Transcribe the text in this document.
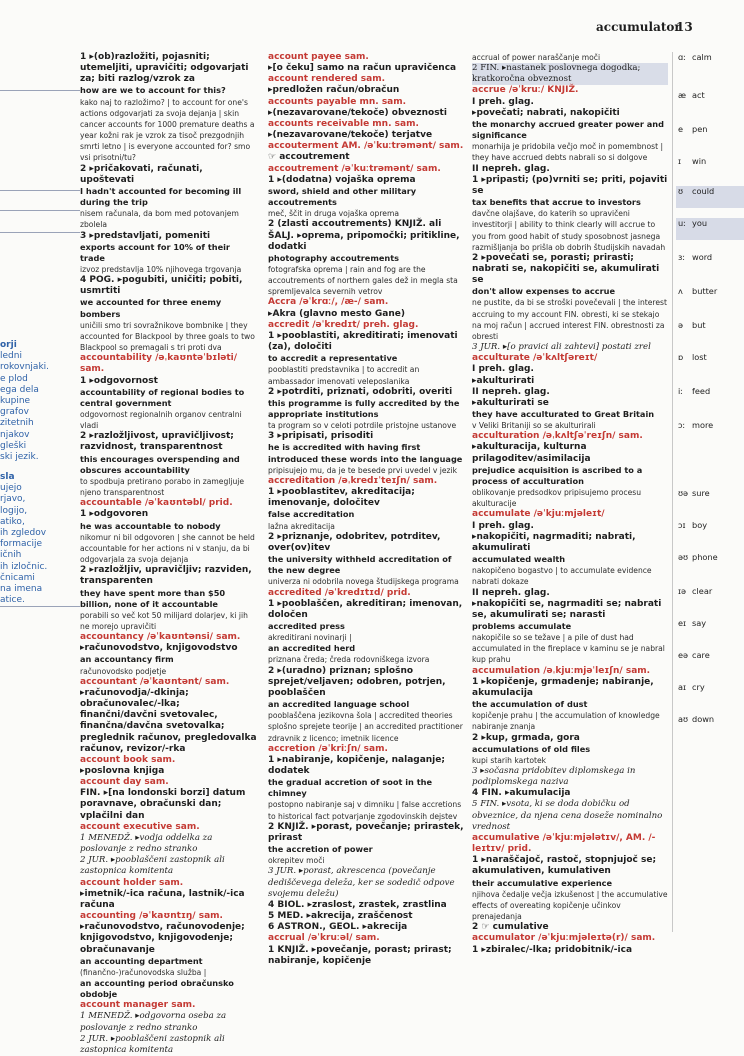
orji
ledni
rokovnjaki.
e plod
ega dela
kupine
grafov
zitetnih
njakov
gleški
ski jezik.
sla
ujejo
rjavo,
logijo,
atiko,
ih zgledov
formacije
ičnih
ih izločnic.
čnicami
na imena
atice.
accumulator
13

1 ▸(ob)razložiti, pojasniti; utemeljiti, upravičiti; odgovarjati za; biti razlog/vzrok za

how are we to account for this?

kako naj to razložimo? | to account for one's actions odgovarjati za svoja dejanja | skin cancer accounts for 1000 premature deaths a year kožni rak je vzrok za tisoč prezgodnjih smrti letno | is everyone accounted for? smo vsi prisotni/tu?

2 ▸pričakovati, računati, upoštevati

I hadn't accounted for becoming ill during the trip

nisem računala, da bom med potovanjem zbolela

3 ▸predstavljati, pomeniti

exports account for 10% of their trade

izvoz predstavlja 10% njihovega trgovanja

4 POG. ▸pogubiti, uničiti; pobiti, usmrtiti

we accounted for three enemy bombers

uničili smo tri sovražnikove bombnike | they accounted for Blackpool by three goals to two

Blackpool so premagali s tri proti dva

accountability /əˌkaʊntəˈbɪləti/ sam.

1 ▸odgovornost

accountability of regional bodies to central government

odgovornost regionalnih organov centralni vladi

2 ▸razložljivost, upravičljivost; razvidnost, transparentnost

this encourages overspending and obscures accountability

to spodbuja pretirano porabo in zamegljuje njeno transparentnost

accountable /əˈkaʊntəbl/ prid.

1 ▸odgovoren

he was accountable to nobody

nikomur ni bil odgovoren | she cannot be held accountable for her actions ni v stanju, da bi odgovarjala za svoja dejanja

2 ▸razložljiv, upravičljiv; razviden, transparenten

they have spent more than $50 billion, none of it accountable

porabili so več kot 50 milijard dolarjev, ki jih ne morejo upravičiti

accountancy /əˈkaʊntənsi/ sam.

▸računovodstvo, knjigovodstvo

an accountancy firm

računovodsko podjetje

accountant /əˈkaʊntənt/ sam.

▸računovodja/-dkinja; obračunovalec/-lka; finančni/davčni svetovalec, finančna/davčna svetovalka; preglednik računov, pregledovalka računov, revizor/-rka

account book sam.

▸poslovna knjiga

account day sam.

FIN. ▸[na londonski borzi] datum poravnave, obračunski dan; vplačilni dan

account executive sam.

1 MENEDŽ. ▸vodja oddelka za poslovanje z redno stranko

2 JUR. ▸pooblaščeni zastopnik ali zastopnica komitenta

account holder sam.

▸imetnik/-ica računa, lastnik/-ica računa

accounting /əˈkaʊntɪŋ/ sam.

▸računovodstvo, računovodenje; knjigovodstvo, knjigovodenje; obračunavanje

an accounting department

(finančno-)računovodska služba |

an accounting period obračunsko obdobje

account manager sam.

1 MENEDŽ. ▸odgovorna oseba za poslovanje z redno stranko

2 JUR. ▸pooblaščeni zastopnik ali zastopnica komitenta

account payee sam.

▸[o čeku] samo na račun upravičenca

account rendered sam.

▸predložen račun/obračun

accounts payable mn. sam.

▸(nezavarovane/tekoče) obveznosti

accounts receivable mn. sam.

▸(nezavarovane/tekoče) terjatve

accouterment AM. /əˈkuːtrəmənt/ sam.

☞ accoutrement

accoutrement /əˈkuːtrəmənt/ sam.

1 ▸(dodatna) vojaška oprema

sword, shield and other military accoutrements

meč, ščit in druga vojaška oprema

2 (zlasti accoutrements) KNJIŽ. ali ŠALJ. ▸oprema, pripomočki; pritikline, dodatki

photography accoutrements

fotografska oprema | rain and fog are the accoutrements of northern gales dež in megla sta spremljevalca severnih vetrov

Accra /əˈkrɑː/, /æ-/ sam.

▸Akra (glavno mesto Gane)

accredit /əˈkredɪt/ preh. glag.

1 ▸pooblastiti, akreditirati; imenovati (za), določiti

to accredit a representative

pooblastiti predstavnika | to accredit an ambassador imenovati veleposlanika

2 ▸potrditi, priznati, odobriti, overiti

this programme is fully accredited by the appropriate institutions

ta program so v celoti potrdile pristojne ustanove

3 ▸pripisati, prisoditi

he is accredited with having first introduced these words into the language

pripisujejo mu, da je te besede prvi uvedel v jezik

accreditation /əˌkredɪˈteɪʃn/ sam.

1 ▸pooblastitev, akreditacija; imenovanje, določitev

false accreditation

lažna akreditacija

2 ▸priznanje, odobritev, potrditev, over(ov)itev

the university withheld accreditation of the new degree

univerza ni odobrila novega študijskega programa

accredited /əˈkredɪtɪd/ prid.

1 ▸pooblaščen, akreditiran; imenovan, določen

accredited press

akreditirani novinarji |

an accredited herd

priznana čreda; čreda rodovniškega izvora

2 ▸(uradno) priznan; splošno sprejet/veljaven; odobren, potrjen, pooblaščen

an accredited language school

pooblaščena jezikovna šola | accredited theories splošno sprejete teorije | an accredited practitioner zdravnik z licenco; imetnik licence

accretion /əˈkriːʃn/ sam.

1 ▸nabiranje, kopičenje, nalaganje; dodatek

the gradual accretion of soot in the chimney

postopno nabiranje saj v dimniku | false accretions to historical fact potvarjanje zgodovinskih dejstev

2 KNJIŽ. ▸porast, povečanje; prirastek, prirast

the accretion of power

okrepitev moči

3 JUR. ▸porast, akrescenca (povečanje dediščevega deleža, ker se sodedič odpove svojemu deležu)

4 BIOL. ▸zraslost, zrastek, zrastlina

5 MED. ▸akrecija, zraščenost

6 ASTRON., GEOL. ▸akrecija

accrual /əˈkruːəl/ sam.

1 KNJIŽ. ▸povečanje, porast; prirast; nabiranje, kopičenje

accrual of power naraščanje moči

2 FIN. ▸nastanek poslovnega dogodka; kratkoročna obveznost

accrue /əˈkruː/ KNJIŽ.

I preh. glag.

▸povečati; nabrati, nakopičiti

the monarchy accrued greater power and significance

monarhija je pridobila večjo moč in pomembnost | they have accrued debts nabrali so si dolgove

II nepreh. glag.

1 ▸pripasti; (po)vrniti se; priti, pojaviti se

tax benefits that accrue to investors

davčne olajšave, do katerih so upravičeni investitorji | ability to think clearly will accrue to you from good habit of study sposobnost jasnega razmišljanja bo prišla ob dobrih študijskih navadah

2 ▸povečati se, porasti; prirasti; nabrati se, nakopičiti se, akumulirati se

don't allow expenses to accrue

ne pustite, da bi se stroški povečevali | the interest accruing to my account FIN. obresti, ki se stekajo na moj račun | accrued interest FIN. obrestnosti za obresti

3 JUR. ▸[o pravici ali zahtevi] postati zrel

acculturate /əˈkʌltʃəreɪt/

I preh. glag.

▸akulturirati

II nepreh. glag.

▸akulturirati se

they have acculturated to Great Britain

v Veliki Britaniji so se akulturirali

acculturation /əˌkʌltʃəˈreɪʃn/ sam.

▸akulturacija, kulturna prilagoditev/asimilacija

prejudice acquisition is ascribed to a process of acculturation

oblikovanje predsodkov pripisujemo procesu akulturacije

accumulate /əˈkjuːmjəleɪt/

I preh. glag.

▸nakopičiti, nagrmaditi; nabrati, akumulirati

accumulated wealth

nakopičeno bogastvo | to accumulate evidence nabrati dokaze

II nepreh. glag.

▸nakopičiti se, nagrmaditi se; nabrati se, akumulirati se; narasti

problems accumulate

nakopičile so se težave | a pile of dust had accumulated in the fireplace v kaminu se je nabral kup prahu

accumulation /əˌkjuːmjəˈleɪʃn/ sam.

1 ▸kopičenje, grmadenje; nabiranje, akumulacija

the accumulation of dust

kopičenje prahu | the accumulation of knowledge nabiranje znanja

2 ▸kup, grmada, gora

accumulations of old files

kupi starih kartotek

3 ▸sočasna pridobitev diplomskega in podiplomskega naziva

4 FIN. ▸akumulacija

5 FIN. ▸vsota, ki se doda dobičku od obveznice, da njena cena doseže nominalno vrednost

accumulative /əˈkjuːmjələtɪv/, AM. /-leɪtɪv/ prid.

1 ▸naraščajoč, rastoč, stopnjujoč se; akumulativen, kumulativen

their accumulative experience

njihova čedalje večja izkušenost | the accumulative effects of overeating kopičenje učinkov prenajedanja

2 ☞ cumulative

accumulator /əˈkjuːmjəleɪtə(r)/ sam.

1 ▸zbiralec/-lka; pridobitnik/-ica

ɑː calm
æ act
e	pen
ɪ	win
ʊ	could
uː you
ɜː word
ʌ	butter
ə	but
ɒ	lost
iː	feed
ɔː more
ʊə sure
ɔɪ boy
əʊ phone
ɪə clear
eɪ say
eə care
aɪ cry
aʊ down
